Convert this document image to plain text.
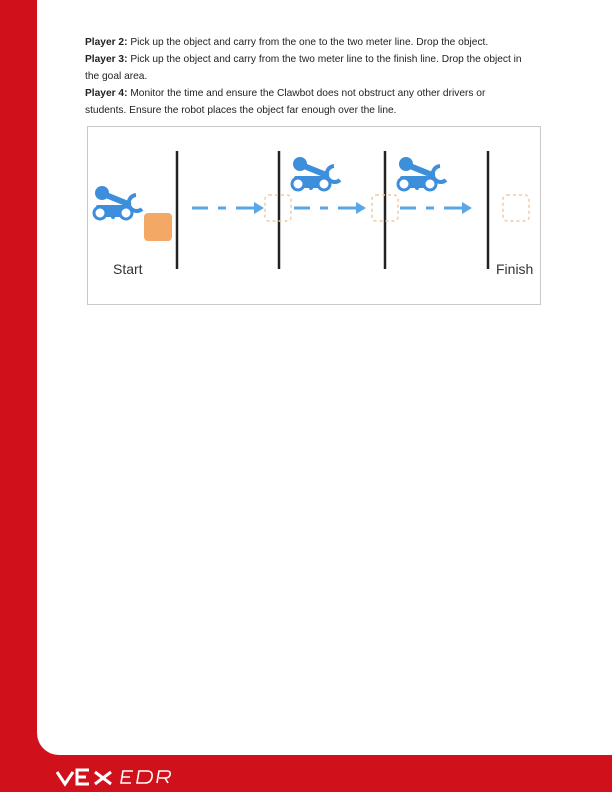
Player 2: Pick up the object and carry from the one to the two meter line. Drop the object.

Player 3: Pick up the object and carry from the two meter line to the finish line. Drop the object in the goal area.

Player 4: Monitor the time and ensure the Clawbot does not obstruct any other drivers or students. Ensure the robot places the object far enough over the line.

Start	Finish
